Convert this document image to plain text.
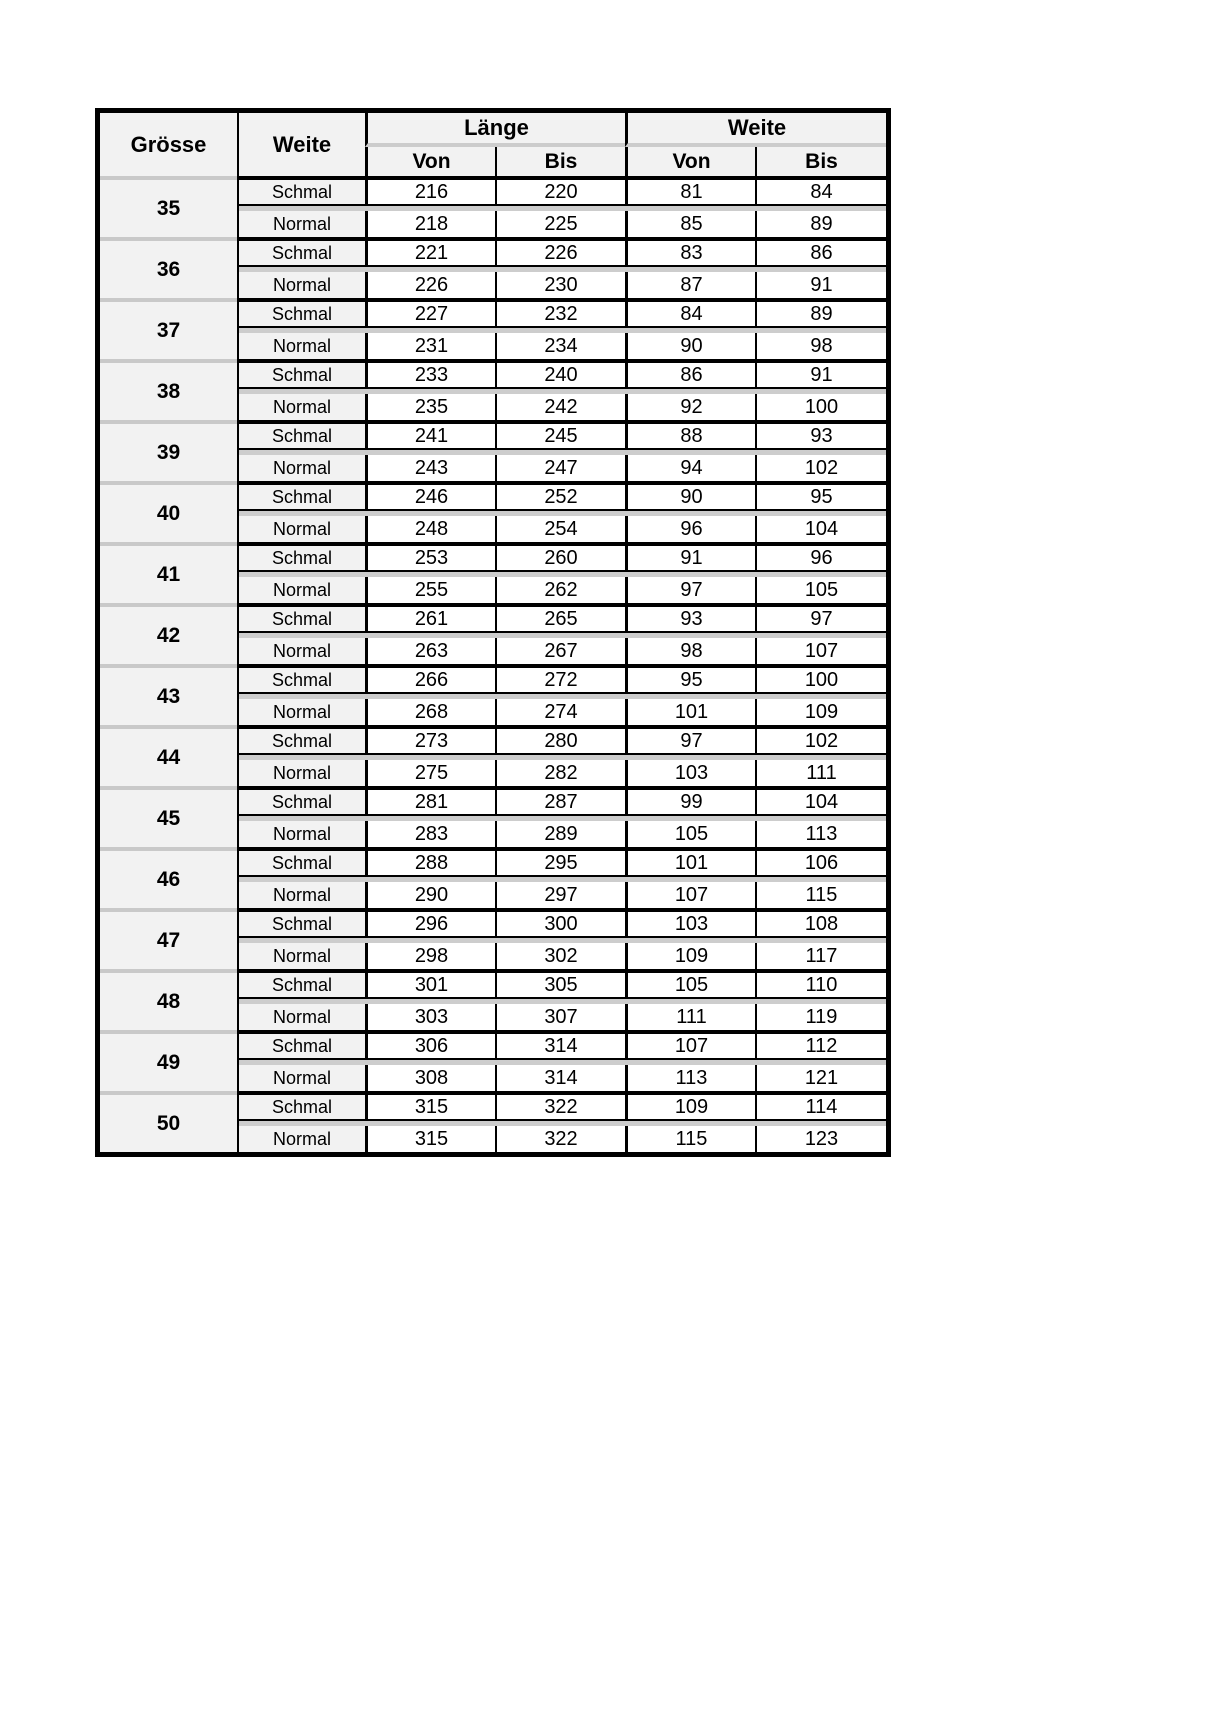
Grösse	Weite	Länge		Weite	
		Von	Bis	Von	Bis

35	Schmal	216	220	81	84

	Normal	218	225	85	89

36	Schmal	221	226	83	86

	Normal	226	230	87	91

37	Schmal	227	232	84	89

	Normal	231	234	90	98

38	Schmal	233	240	86	91

	Normal	235	242	92	100

39	Schmal	241	245	88	93

	Normal	243	247	94	102

40	Schmal	246	252	90	95

	Normal	248	254	96	104

41	Schmal	253	260	91	96

	Normal	255	262	97	105

42	Schmal	261	265	93	97

	Normal	263	267	98	107

43	Schmal	266	272	95	100

	Normal	268	274	101	109

44	Schmal	273	280	97	102

	Normal	275	282	103	111

45	Schmal	281	287	99	104

	Normal	283	289	105	113

46	Schmal	288	295	101	106

	Normal	290	297	107	115

47	Schmal	296	300	103	108

	Normal	298	302	109	117

48	Schmal	301	305	105	110

	Normal	303	307	111	119

49	Schmal	306	314	107	112

	Normal	308	314	113	121

50	Schmal	315	322	109	114

	Normal	315	322	115	123
